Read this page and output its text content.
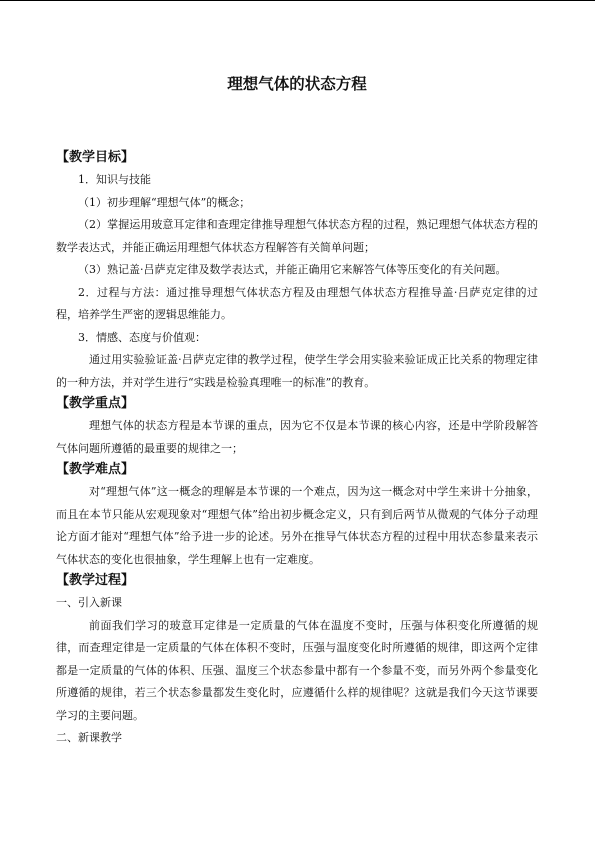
理想气体的状态方程
【教学目标】

1．知识与技能

（1）初步理解“理想气体”的概念；

（2）掌握运用玻意耳定律和查理定律推导理想气体状态方程的过程，熟记理想气体状态方程的数学表达式，并能正确运用理想气体状态方程解答有关简单问题；

（3）熟记盖·吕萨克定律及数学表达式，并能正确用它来解答气体等压变化的有关问题。

2．过程与方法：通过推导理想气体状态方程及由理想气体状态方程推导盖·吕萨克定律的过程，培养学生严密的逻辑思维能力。

3．情感、态度与价值观：

通过用实验验证盖·吕萨克定律的教学过程，使学生学会用实验来验证成正比关系的物理定律的一种方法，并对学生进行“实践是检验真理唯一的标准”的教育。

【教学重点】

理想气体的状态方程是本节课的重点，因为它不仅是本节课的核心内容，还是中学阶段解答气体问题所遵循的最重要的规律之一；

【教学难点】

对“理想气体”这一概念的理解是本节课的一个难点，因为这一概念对中学生来讲十分抽象，而且在本节只能从宏观现象对“理想气体”给出初步概念定义，只有到后两节从微观的气体分子动理论方面才能对“理想气体”给予进一步的论述。另外在推导气体状态方程的过程中用状态参量来表示气体状态的变化也很抽象，学生理解上也有一定难度。

【教学过程】

一、引入新课

前面我们学习的玻意耳定律是一定质量的气体在温度不变时，压强与体积变化所遵循的规律，而查理定律是一定质量的气体在体积不变时，压强与温度变化时所遵循的规律，即这两个定律都是一定质量的气体的体积、压强、温度三个状态参量中都有一个参量不变，而另外两个参量变化所遵循的规律，若三个状态参量都发生变化时，应遵循什么样的规律呢？这就是我们今天这节课要学习的主要问题。

二、新课教学
